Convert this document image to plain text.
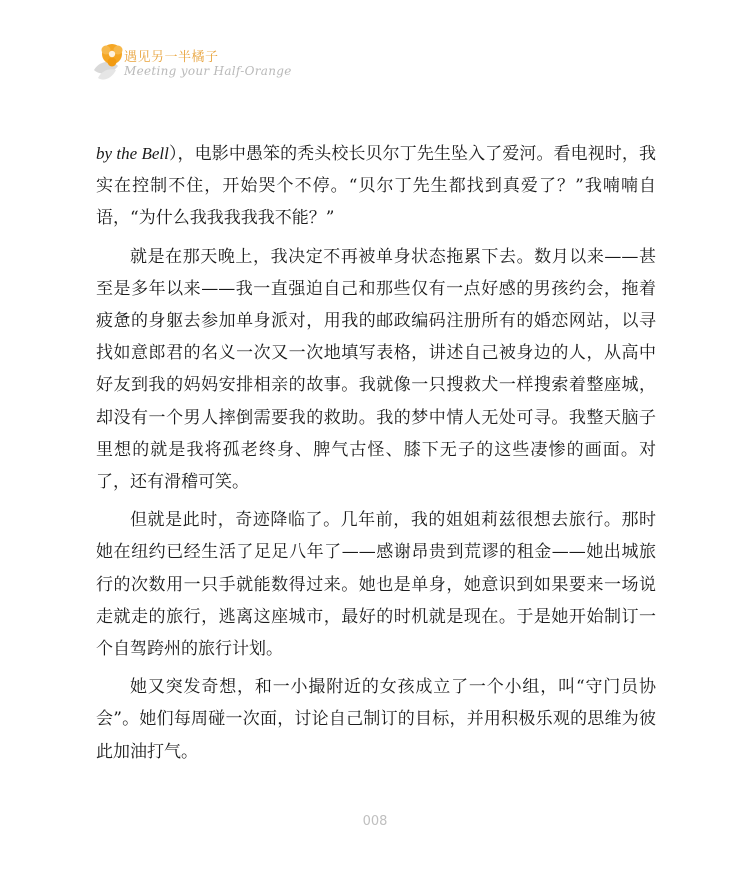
遇见另一半橘子
Meeting your Half-Orange

by the Bell），电影中愚笨的秃头校长贝尔丁先生坠入了爱河。看电视时，我实在控制不住，开始哭个不停。“贝尔丁先生都找到真爱了？”我喃喃自语，“为什么我我我我我不能？”

就是在那天晚上，我决定不再被单身状态拖累下去。数月以来——甚至是多年以来——我一直强迫自己和那些仅有一点好感的男孩约会，拖着疲惫的身躯去参加单身派对，用我的邮政编码注册所有的婚恋网站，以寻找如意郎君的名义一次又一次地填写表格，讲述自己被身边的人，从高中好友到我的妈妈安排相亲的故事。我就像一只搜救犬一样搜索着整座城，却没有一个男人摔倒需要我的救助。我的梦中情人无处可寻。我整天脑子里想的就是我将孤老终身、脾气古怪、膝下无子的这些凄惨的画面。对了，还有滑稽可笑。

但就是此时，奇迹降临了。几年前，我的姐姐莉兹很想去旅行。那时她在纽约已经生活了足足八年了——感谢昂贵到荒谬的租金——她出城旅行的次数用一只手就能数得过来。她也是单身，她意识到如果要来一场说走就走的旅行，逃离这座城市，最好的时机就是现在。于是她开始制订一个自驾跨州的旅行计划。

她又突发奇想，和一小撮附近的女孩成立了一个小组，叫“守门员协会”。她们每周碰一次面，讨论自己制订的目标，并用积极乐观的思维为彼此加油打气。

008
